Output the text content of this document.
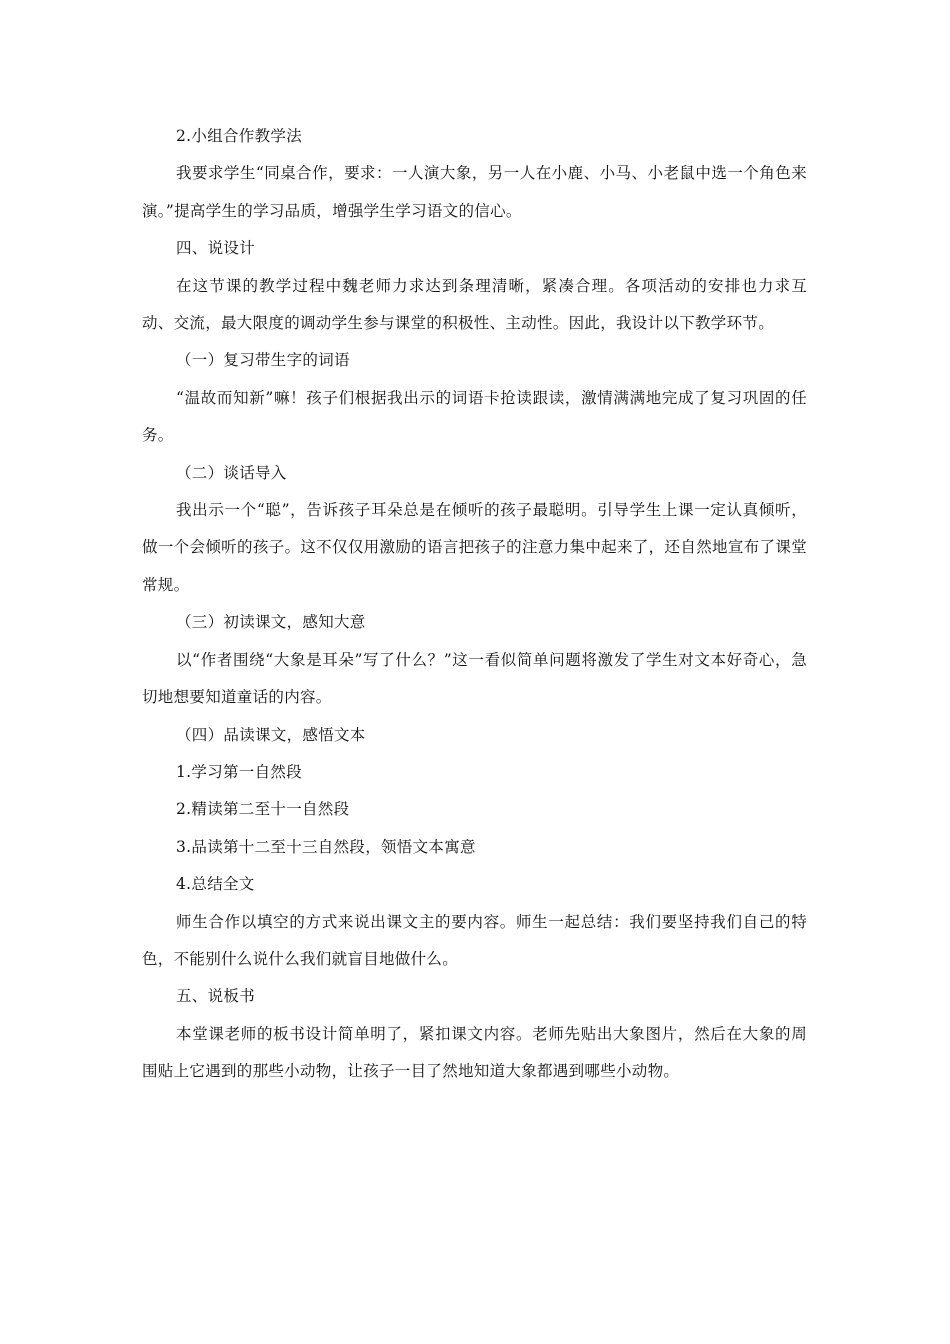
2.小组合作教学法

我要求学生“同桌合作，要求：一人演大象，另一人在小鹿、小马、小老鼠中选一个角色来演。”提高学生的学习品质，增强学生学习语文的信心。

四、说设计

在这节课的教学过程中魏老师力求达到条理清晰，紧凑合理。各项活动的安排也力求互动、交流，最大限度的调动学生参与课堂的积极性、主动性。因此，我设计以下教学环节。

（一）复习带生字的词语

“温故而知新”嘛！孩子们根据我出示的词语卡抢读跟读，激情满满地完成了复习巩固的任务。

（二）谈话导入

我出示一个“聪”，告诉孩子耳朵总是在倾听的孩子最聪明。引导学生上课一定认真倾听，做一个会倾听的孩子。这不仅仅用激励的语言把孩子的注意力集中起来了，还自然地宣布了课堂常规。

（三）初读课文，感知大意

以“作者围绕“大象是耳朵”写了什么？”这一看似简单问题将激发了学生对文本好奇心，急切地想要知道童话的内容。

（四）品读课文，感悟文本

1.学习第一自然段

2.精读第二至十一自然段

3.品读第十二至十三自然段，领悟文本寓意

4.总结全文

师生合作以填空的方式来说出课文主的要内容。师生一起总结：我们要坚持我们自己的特色，不能别什么说什么我们就盲目地做什么。

五、说板书

本堂课老师的板书设计简单明了，紧扣课文内容。老师先贴出大象图片，然后在大象的周围贴上它遇到的那些小动物，让孩子一目了然地知道大象都遇到哪些小动物。
